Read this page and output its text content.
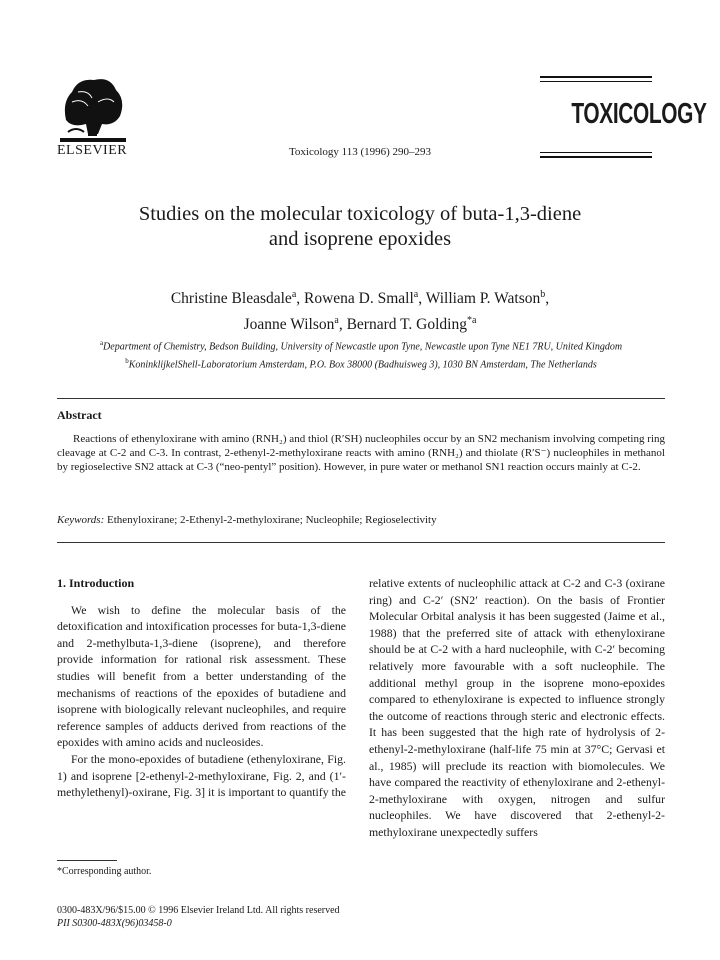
ELSEVIER	Toxicology 113 (1996) 290–293
TOXICOLOGY
Studies on the molecular toxicology of buta-1,3-diene
and isoprene epoxides
Christine Bleasdale$^a$, Rowena D. Small$^a$, William P. Watson$^b$,
Joanne Wilson$^a$, Bernard T. Golding$^{*a}$
$^a$Department of Chemistry, Bedson Building, University of Newcastle upon Tyne, Newcastle upon Tyne NE1 7RU, United Kingdom
$^b$KoninklijkelShell-Laboratorium Amsterdam, P.O. Box 38000 (Badhuisweg 3), 1030 BN Amsterdam, The Netherlands
Abstract

Reactions of ethenyloxirane with amino (RNH₂) and thiol (R′SH) nucleophiles occur by an SN2 mechanism involving competing ring cleavage at C-2 and C-3. In contrast, 2-ethenyl-2-methyloxirane reacts with amino (RNH₂) and thiolate (R′S⁻) nucleophiles in methanol by regioselective SN2 attack at C-3 (“neo-pentyl” position). However, in pure water or methanol SN1 reaction occurs mainly at C-2.

Keywords: Ethenyloxirane; 2-Ethenyl-2-methyloxirane; Nucleophile; Regioselectivity
1. Introduction

We wish to define the molecular basis of the detoxification and intoxification processes for buta-1,3-diene and 2-methylbuta-1,3-diene (isoprene), and therefore provide information for rational risk assessment. These studies will benefit from a better understanding of the mechanisms of reactions of the epoxides of butadiene and isoprene with biologically relevant nucleophiles, and require reference samples of adducts derived from reactions of the epoxides with amino acids and nucleosides.

For the mono-epoxides of butadiene (ethenyloxirane, Fig. 1) and isoprene [2-ethenyl-2-methyloxirane, Fig. 2, and (1′-methylethenyl)-oxirane, Fig. 3] it is important to quantify the

relative extents of nucleophilic attack at C-2 and C-3 (oxirane ring) and C-2′ (SN2′ reaction). On the basis of Frontier Molecular Orbital analysis it has been suggested (Jaime et al., 1988) that the preferred site of attack with ethenyloxirane should be at C-2 with a hard nucleophile, with C-2′ becoming relatively more favourable with a soft nucleophile. The additional methyl group in the isoprene mono-epoxides compared to ethenyloxirane is expected to influence strongly the outcome of reactions through steric and electronic effects. It has been suggested that the high rate of hydrolysis of 2-ethenyl-2-methyloxirane (half-life 75 min at 37°C; Gervasi et al., 1985) will preclude its reaction with biomolecules. We have compared the reactivity of ethenyloxirane and 2-ethenyl-2-methyloxirane with oxygen, nitrogen and sulfur nucleophiles. We have discovered that 2-ethenyl-2-methyloxirane unexpectedly suffers

*Corresponding author.
0300-483X/96/$15.00 © 1996 Elsevier Ireland Ltd. All rights reserved
PII S0300-483X(96)03458-0
